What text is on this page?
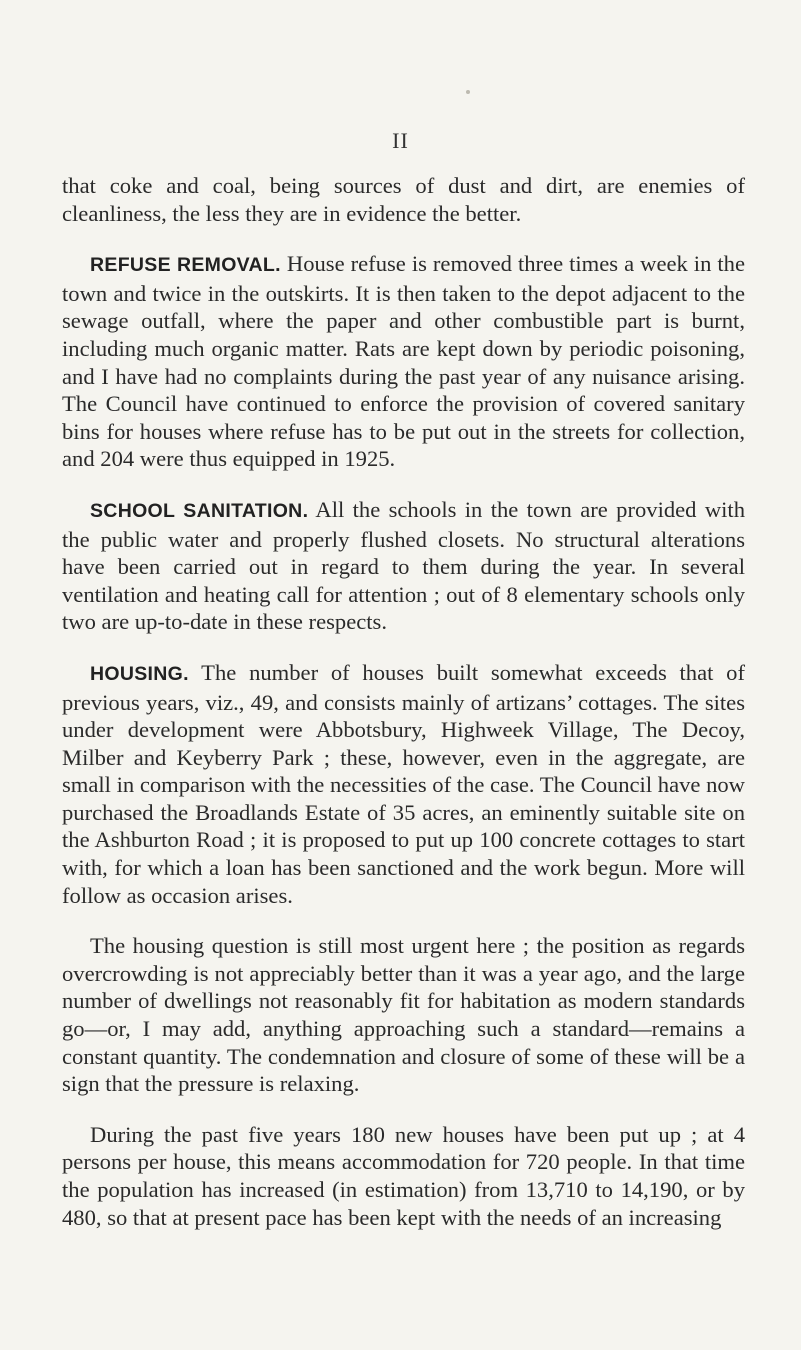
II

that coke and coal, being sources of dust and dirt, are enemies of cleanliness, the less they are in evidence the better.

REFUSE REMOVAL. House refuse is removed three times a week in the town and twice in the outskirts. It is then taken to the depot adjacent to the sewage outfall, where the paper and other combustible part is burnt, including much organic matter. Rats are kept down by periodic poisoning, and I have had no complaints during the past year of any nuisance arising. The Council have continued to enforce the provision of covered sanitary bins for houses where refuse has to be put out in the streets for collection, and 204 were thus equipped in 1925.

SCHOOL SANITATION. All the schools in the town are provided with the public water and properly flushed closets. No structural alterations have been carried out in regard to them during the year. In several ventilation and heating call for attention ; out of 8 elementary schools only two are up-to-date in these respects.

HOUSING. The number of houses built somewhat exceeds that of previous years, viz., 49, and consists mainly of artizans’ cottages. The sites under development were Abbotsbury, Highweek Village, The Decoy, Milber and Keyberry Park ; these, however, even in the aggregate, are small in comparison with the necessities of the case. The Council have now purchased the Broadlands Estate of 35 acres, an eminently suitable site on the Ashburton Road ; it is proposed to put up 100 concrete cottages to start with, for which a loan has been sanctioned and the work begun. More will follow as occasion arises.

The housing question is still most urgent here ; the position as regards overcrowding is not appreciably better than it was a year ago, and the large number of dwellings not reasonably fit for habitation as modern standards go—or, I may add, anything approaching such a standard—remains a constant quantity. The condemnation and closure of some of these will be a sign that the pressure is relaxing.

During the past five years 180 new houses have been put up ; at 4 persons per house, this means accommodation for 720 people. In that time the population has increased (in estimation) from 13,710 to 14,190, or by 480, so that at present pace has been kept with the needs of an increasing
